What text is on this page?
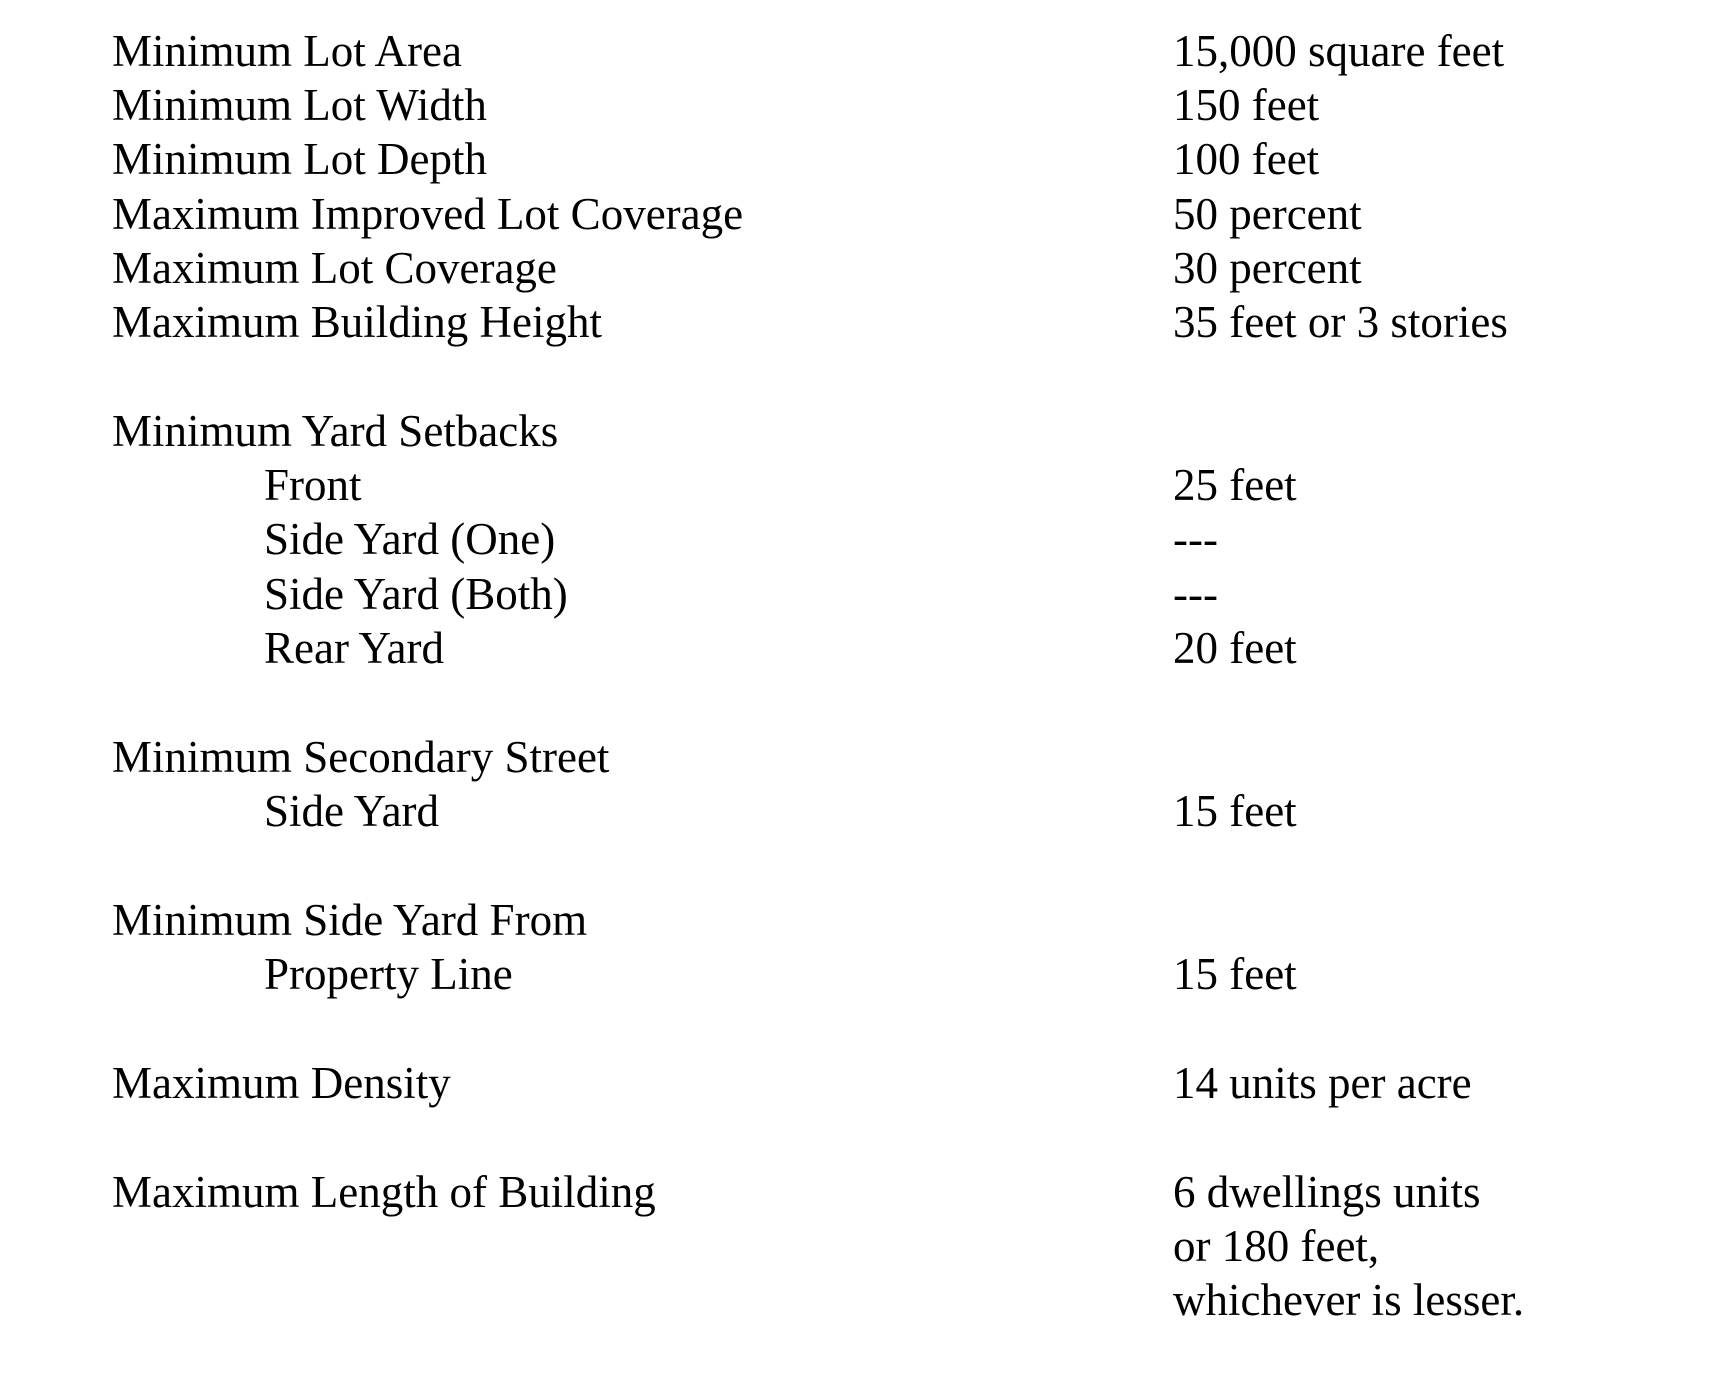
Minimum Lot Area	15,000 square feet
Minimum Lot Width	150 feet
Minimum Lot Depth	100 feet
Maximum Improved Lot Coverage	50 percent
Maximum Lot Coverage	30 percent
Maximum Building Height	35 feet or 3 stories
Minimum Yard Setbacks
Front	25 feet
Side Yard (One)	---
Side Yard (Both)	---
Rear Yard	20 feet
Minimum Secondary Street
Side Yard	15 feet
Minimum Side Yard From
Property Line	15 feet
Maximum Density	14 units per acre
Maximum Length of Building	6 dwellings units
or 180 feet,
whichever is lesser.
